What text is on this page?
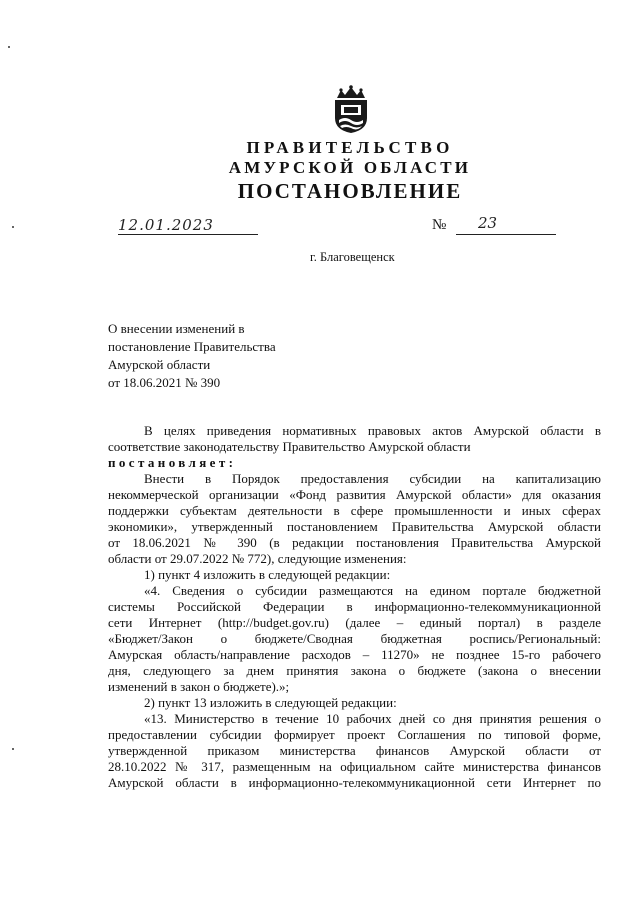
ПРАВИТЕЛЬСТВО
АМУРСКОЙ ОБЛАСТИ
ПОСТАНОВЛЕНИЕ
12.01.2023	№ 23
г. Благовещенск
О внесении изменений в
постановление Правительства
Амурской области
от 18.06.2021 № 390
В целях приведения нормативных правовых актов Амурской области в
соответствие законодательству Правительство Амурской области
постановляет:
Внести в Порядок предоставления субсидии на капитализацию
некоммерческой организации «Фонд развития Амурской области» для оказания
поддержки субъектам деятельности в сфере промышленности и иных сферах
экономики», утвержденный постановлением Правительства Амурской области
от 18.06.2021 № 390 (в редакции постановления Правительства Амурской
области от 29.07.2022 № 772), следующие изменения:
1) пункт 4 изложить в следующей редакции:
«4. Сведения о субсидии размещаются на едином портале бюджетной
системы Российской Федерации в информационно-телекоммуникационной
сети Интернет (http://budget.gov.ru) (далее – единый портал) в разделе
«Бюджет/Закон о бюджете/Сводная бюджетная роспись/Региональный:
Амурская область/направление расходов – 11270» не позднее 15-го рабочего
дня, следующего за днем принятия закона о бюджете (закона о внесении
изменений в закон о бюджете).»;
2) пункт 13 изложить в следующей редакции:
«13. Министерство в течение 10 рабочих дней со дня принятия решения о
предоставлении субсидии формирует проект Соглашения по типовой форме,
утвержденной приказом министерства финансов Амурской области от
28.10.2022 № 317, размещенным на официальном сайте министерства финансов
Амурской области в информационно-телекоммуникационной сети Интернет по
